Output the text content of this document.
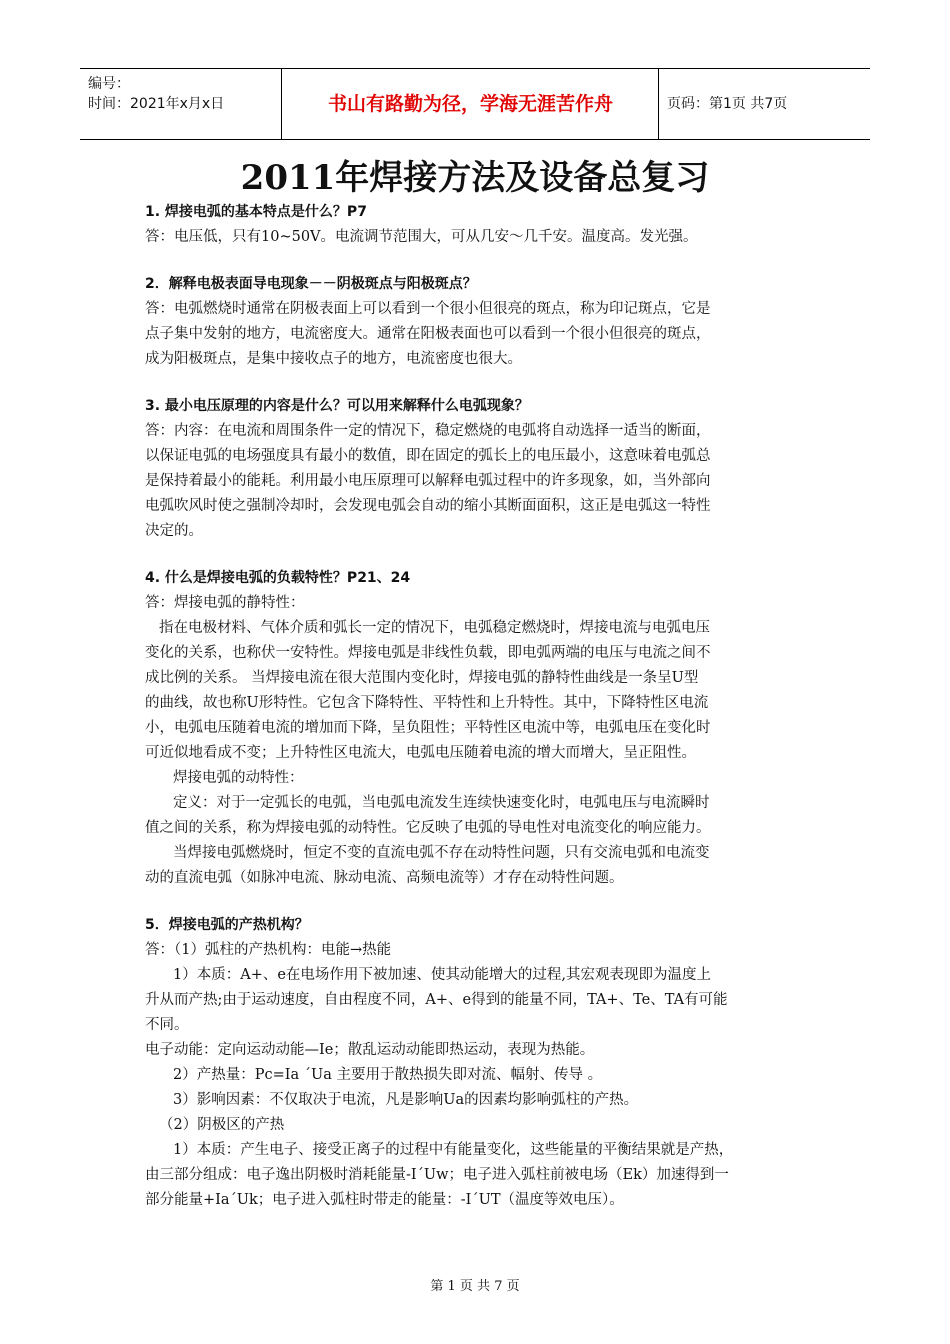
编号：
时间：2021年x月x日	书山有路勤为径，学海无涯苦作舟	页码：第1页 共7页
2011年焊接方法及设备总复习
1. 焊接电弧的基本特点是什么？P7
答：电压低，只有10~50V。电流调节范围大，可从几安～几千安。温度高。发光强。
2．解释电极表面导电现象－－阴极斑点与阳极斑点？
答：电弧燃烧时通常在阴极表面上可以看到一个很小但很亮的斑点，称为印记斑点，它是
点子集中发射的地方，电流密度大。通常在阳极表面也可以看到一个很小但很亮的斑点，
成为阳极斑点，是集中接收点子的地方，电流密度也很大。
3. 最小电压原理的内容是什么？可以用来解释什么电弧现象？
答：内容：在电流和周围条件一定的情况下，稳定燃烧的电弧将自动选择一适当的断面，
以保证电弧的电场强度具有最小的数值，即在固定的弧长上的电压最小，这意味着电弧总
是保持着最小的能耗。利用最小电压原理可以解释电弧过程中的许多现象，如，当外部向
电弧吹风时使之强制冷却时，会发现电弧会自动的缩小其断面面积，这正是电弧这一特性
决定的。
4. 什么是焊接电弧的负载特性？P21、24
答：焊接电弧的静特性：
指在电极材料、气体介质和弧长一定的情况下，电弧稳定燃烧时，焊接电流与电弧电压
变化的关系，也称伏一安特性。焊接电弧是非线性负载，即电弧两端的电压与电流之间不
成比例的关系。 当焊接电流在很大范围内变化时，焊接电弧的静特性曲线是一条呈U型
的曲线，故也称U形特性。它包含下降特性、平特性和上升特性。其中，下降特性区电流
小，电弧电压随着电流的增加而下降，呈负阻性；平特性区电流中等，电弧电压在变化时
可近似地看成不变；上升特性区电流大，电弧电压随着电流的增大而增大，呈正阻性。
焊接电弧的动特性：
定义：对于一定弧长的电弧，当电弧电流发生连续快速变化时，电弧电压与电流瞬时
值之间的关系，称为焊接电弧的动特性。它反映了电弧的导电性对电流变化的响应能力。
当焊接电弧燃烧时，恒定不变的直流电弧不存在动特性问题，只有交流电弧和电流变
动的直流电弧（如脉冲电流、脉动电流、高频电流等）才存在动特性问题。
5．焊接电弧的产热机构？
答：（1）弧柱的产热机构：电能→热能
1）本质：A+、e在电场作用下被加速、使其动能增大的过程,其宏观表现即为温度上
升从而产热;由于运动速度，自由程度不同，A+、e得到的能量不同，TA+、Te、TA有可能
不同。
电子动能：定向运动动能—Ie；散乱运动动能即热运动，表现为热能。
2）产热量：Pc=Ia ´Ua 主要用于散热损失即对流、幅射、传导 。
3）影响因素：不仅取决于电流，凡是影响Ua的因素均影响弧柱的产热。
（2）阴极区的产热
1）本质：产生电子、接受正离子的过程中有能量变化，这些能量的平衡结果就是产热，
由三部分组成：电子逸出阴极时消耗能量-I´Uw；电子进入弧柱前被电场（Ek）加速得到一
部分能量+Ia´Uk；电子进入弧柱时带走的能量：-I´UT（温度等效电压）。
第 1 页 共 7 页
